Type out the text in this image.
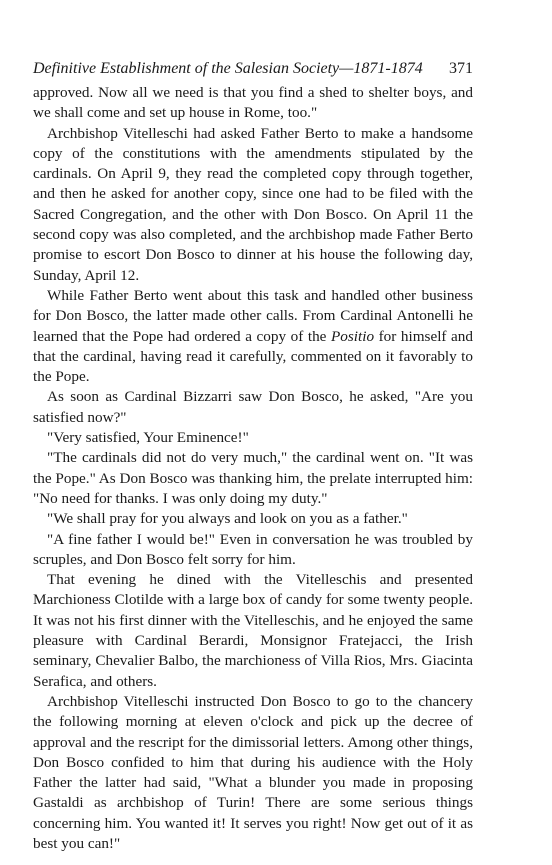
Definitive Establishment of the Salesian Society—1871-1874 371

approved. Now all we need is that you find a shed to shelter boys, and we shall come and set up house in Rome, too."

Archbishop Vitelleschi had asked Father Berto to make a handsome copy of the constitutions with the amendments stipulated by the cardinals. On April 9, they read the completed copy through together, and then he asked for another copy, since one had to be filed with the Sacred Congregation, and the other with Don Bosco. On April 11 the second copy was also completed, and the archbishop made Father Berto promise to escort Don Bosco to dinner at his house the following day, Sunday, April 12.

While Father Berto went about this task and handled other business for Don Bosco, the latter made other calls. From Cardinal Antonelli he learned that the Pope had ordered a copy of the Positio for himself and that the cardinal, having read it carefully, commented on it favorably to the Pope.

As soon as Cardinal Bizzarri saw Don Bosco, he asked, "Are you satisfied now?"

"Very satisfied, Your Eminence!"

"The cardinals did not do very much," the cardinal went on. "It was the Pope." As Don Bosco was thanking him, the prelate interrupted him: "No need for thanks. I was only doing my duty."

"We shall pray for you always and look on you as a father."

"A fine father I would be!" Even in conversation he was troubled by scruples, and Don Bosco felt sorry for him.

That evening he dined with the Vitelleschis and presented Marchioness Clotilde with a large box of candy for some twenty people. It was not his first dinner with the Vitelleschis, and he enjoyed the same pleasure with Cardinal Berardi, Monsignor Fratejacci, the Irish seminary, Chevalier Balbo, the marchioness of Villa Rios, Mrs. Giacinta Serafica, and others.

Archbishop Vitelleschi instructed Don Bosco to go to the chancery the following morning at eleven o'clock and pick up the decree of approval and the rescript for the dimissorial letters. Among other things, Don Bosco confided to him that during his audience with the Holy Father the latter had said, "What a blunder you made in proposing Gastaldi as archbishop of Turin! There are some serious things concerning him. You wanted it! It serves you right! Now get out of it as best you can!"
